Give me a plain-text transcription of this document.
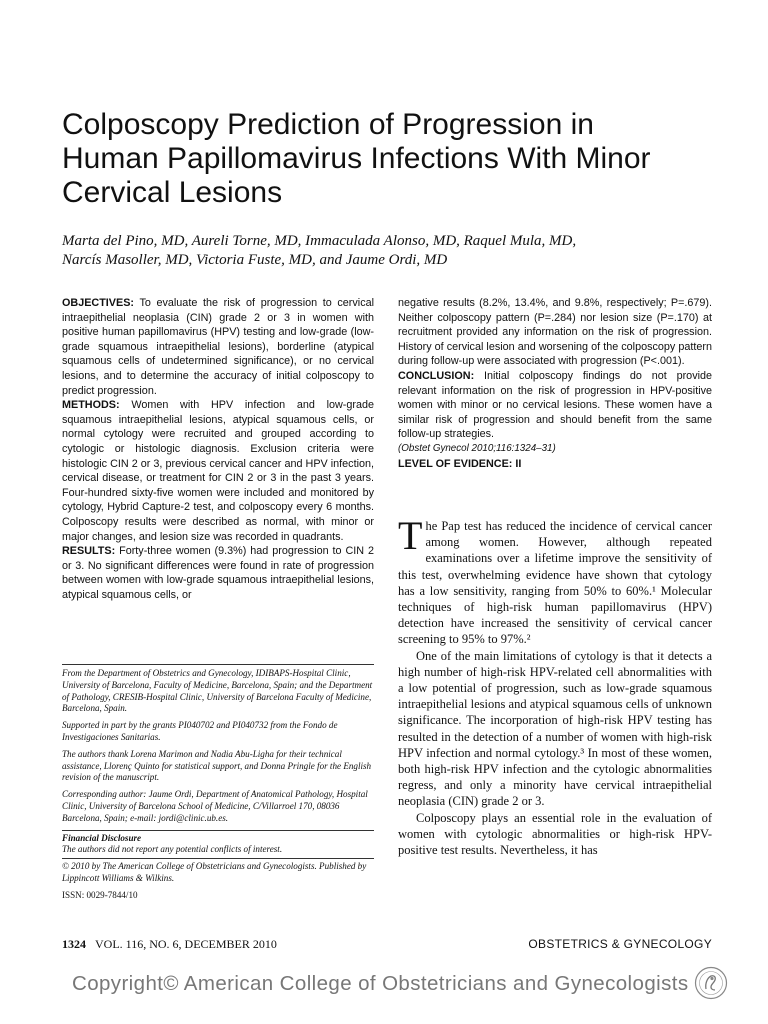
Colposcopy Prediction of Progression in
Human Papillomavirus Infections With Minor
Cervical Lesions
Marta del Pino, MD, Aureli Torne, MD, Immaculada Alonso, MD, Raquel Mula, MD,
Narcís Masoller, MD, Victoria Fuste, MD, and Jaume Ordi, MD

OBJECTIVES: To evaluate the risk of progression to cervical intraepithelial neoplasia (CIN) grade 2 or 3 in women with positive human papillomavirus (HPV) testing and low-grade (low-grade squamous intraepithelial lesions), borderline (atypical squamous cells of undetermined significance), or no cervical lesions, and to determine the accuracy of initial colposcopy to predict progression.

METHODS: Women with HPV infection and low-grade squamous intraepithelial lesions, atypical squamous cells, or normal cytology were recruited and grouped according to cytologic or histologic diagnosis. Exclusion criteria were histologic CIN 2 or 3, previous cervical cancer and HPV infection, cervical disease, or treatment for CIN 2 or 3 in the past 3 years. Four-hundred sixty-five women were included and monitored by cytology, Hybrid Capture-2 test, and colposcopy every 6 months. Colposcopy results were described as normal, with minor or major changes, and lesion size was recorded in quadrants.

RESULTS: Forty-three women (9.3%) had progression to CIN 2 or 3. No significant differences were found in rate of progression between women with low-grade squamous intraepithelial lesions, atypical squamous cells, or

negative results (8.2%, 13.4%, and 9.8%, respectively; P=.679). Neither colposcopy pattern (P=.284) nor lesion size (P=.170) at recruitment provided any information on the risk of progression. History of cervical lesion and worsening of the colposcopy pattern during follow-up were associated with progression (P<.001).

CONCLUSION: Initial colposcopy findings do not provide relevant information on the risk of progression in HPV-positive women with minor or no cervical lesions. These women have a similar risk of progression and should benefit from the same follow-up strategies.

(Obstet Gynecol 2010;116:1324–31)

LEVEL OF EVIDENCE: II

The Pap test has reduced the incidence of cervical cancer among women. However, although repeated examinations over a lifetime improve the sensitivity of this test, overwhelming evidence have shown that cytology has a low sensitivity, ranging from 50% to 60%.¹ Molecular techniques of high-risk human papillomavirus (HPV) detection have increased the sensitivity of cervical cancer screening to 95% to 97%.²

One of the main limitations of cytology is that it detects a high number of high-risk HPV-related cell abnormalities with a low potential of progression, such as low-grade squamous intraepithelial lesions and atypical squamous cells of unknown significance. The incorporation of high-risk HPV testing has resulted in the detection of a number of women with high-risk HPV infection and normal cytology.³ In most of these women, both high-risk HPV infection and the cytologic abnormalities regress, and only a minority have cervical intraepithelial neoplasia (CIN) grade 2 or 3.

Colposcopy plays an essential role in the evaluation of women with cytologic abnormalities or high-risk HPV-positive test results. Nevertheless, it has

From the Department of Obstetrics and Gynecology, IDIBAPS-Hospital Clinic, University of Barcelona, Faculty of Medicine, Barcelona, Spain; and the Department of Pathology, CRESIB-Hospital Clinic, University of Barcelona Faculty of Medicine, Barcelona, Spain.

Supported in part by the grants PI040702 and PI040732 from the Fondo de Investigaciones Sanitarias.

The authors thank Lorena Marimon and Nadia Abu-Ligha for their technical assistance, Llorenç Quinto for statistical support, and Donna Pringle for the English revision of the manuscript.

Corresponding author: Jaume Ordi, Department of Anatomical Pathology, Hospital Clinic, University of Barcelona School of Medicine, C/Villarroel 170, 08036 Barcelona, Spain; e-mail: jordi@clinic.ub.es.

Financial Disclosure

The authors did not report any potential conflicts of interest.

© 2010 by The American College of Obstetricians and Gynecologists. Published by Lippincott Williams & Wilkins.

ISSN: 0029-7844/10

1324 VOL. 116, NO. 6, DECEMBER 2010	OBSTETRICS & GYNECOLOGY
Copyright© American College of Obstetricians and Gynecologists
